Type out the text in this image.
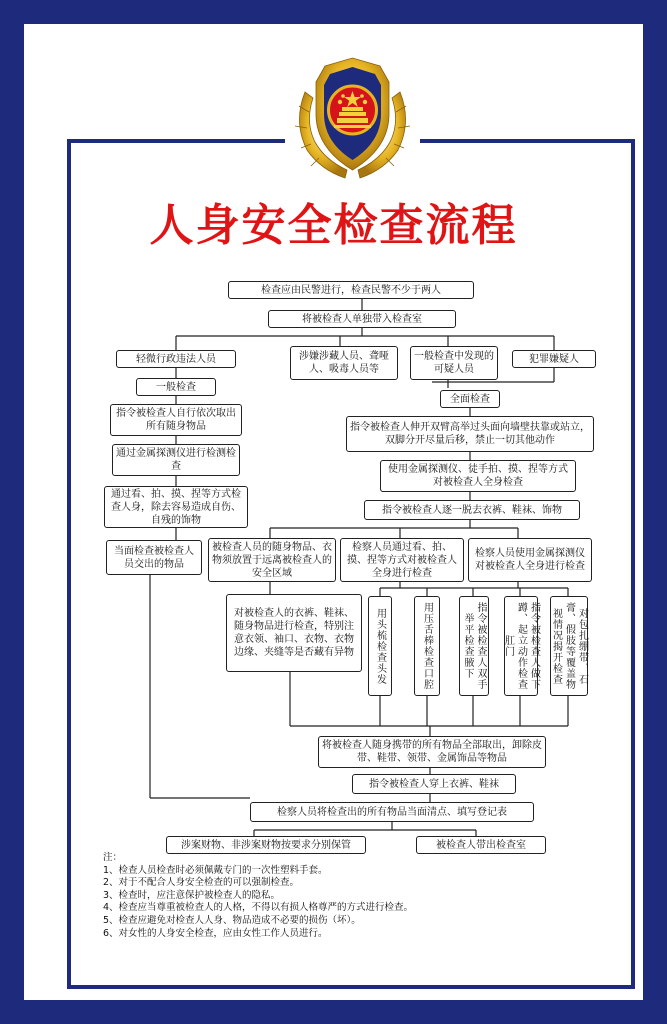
人身安全检查流程
检查应由民警进行，检查民警不少于两人
将被检查人单独带入检查室
轻微行政违法人员	涉嫌涉藏人员、聋哑人、吸毒人员等
一般检查中发现的可疑人员
犯罪嫌疑人
一般检查
全面检查
指令被检查人自行依次取出所有随身物品	指令被检查人伸开双臂高举过头面向墙壁扶靠或站立，双脚分开尽量后移，禁止一切其他动作
通过金属探测仪进行检测检查	使用金属探测仪、徒手拍、摸、捏等方式对被检查人全身检查
通过看、拍、摸、捏等方式检查人身，除去容易造成自伤、自残的饰物
指令被检查人逐一脱去衣裤、鞋袜、饰物
当面检查被检查人员交出的物品
被检查人员的随身物品、衣物须放置于远离被检查人的安全区域
检察人员通过看、拍、摸、捏等方式对被检查人全身进行检查
检察人员使用金属探测仪对被检查人全身进行检查
对被检查人的衣裤、鞋袜、随身物品进行检查，特别注意衣领、袖口、衣物、衣物边缘、夹缝等是否藏有异物	用头梳检查头发	用压舌棒检查口腔	指令被检查人双手举平检查腋下	指令被检查人做下蹲、起立动作检查肛门	对包扎绷带、石膏、假肢等覆盖物视情况揭开检查
将被检查人随身携带的所有物品全部取出，卸除皮带、鞋带、领带、金属饰品等物品
指令被检查人穿上衣裤、鞋袜
检察人员将检查出的所有物品当面清点、填写登记表
涉案财物、非涉案财物按要求分别保管	被检查人带出检查室
注：
1、检查人员检查时必须佩戴专门的一次性塑料手套。
2、对于不配合人身安全检查的可以强制检查。
3、检查时，应注意保护被检查人的隐私。
4、检查应当尊重被检查人的人格，不得以有损人格尊严的方式进行检查。
5、检查应避免对检查人人身、物品造成不必要的损伤（坏）。
6、对女性的人身安全检查，应由女性工作人员进行。
